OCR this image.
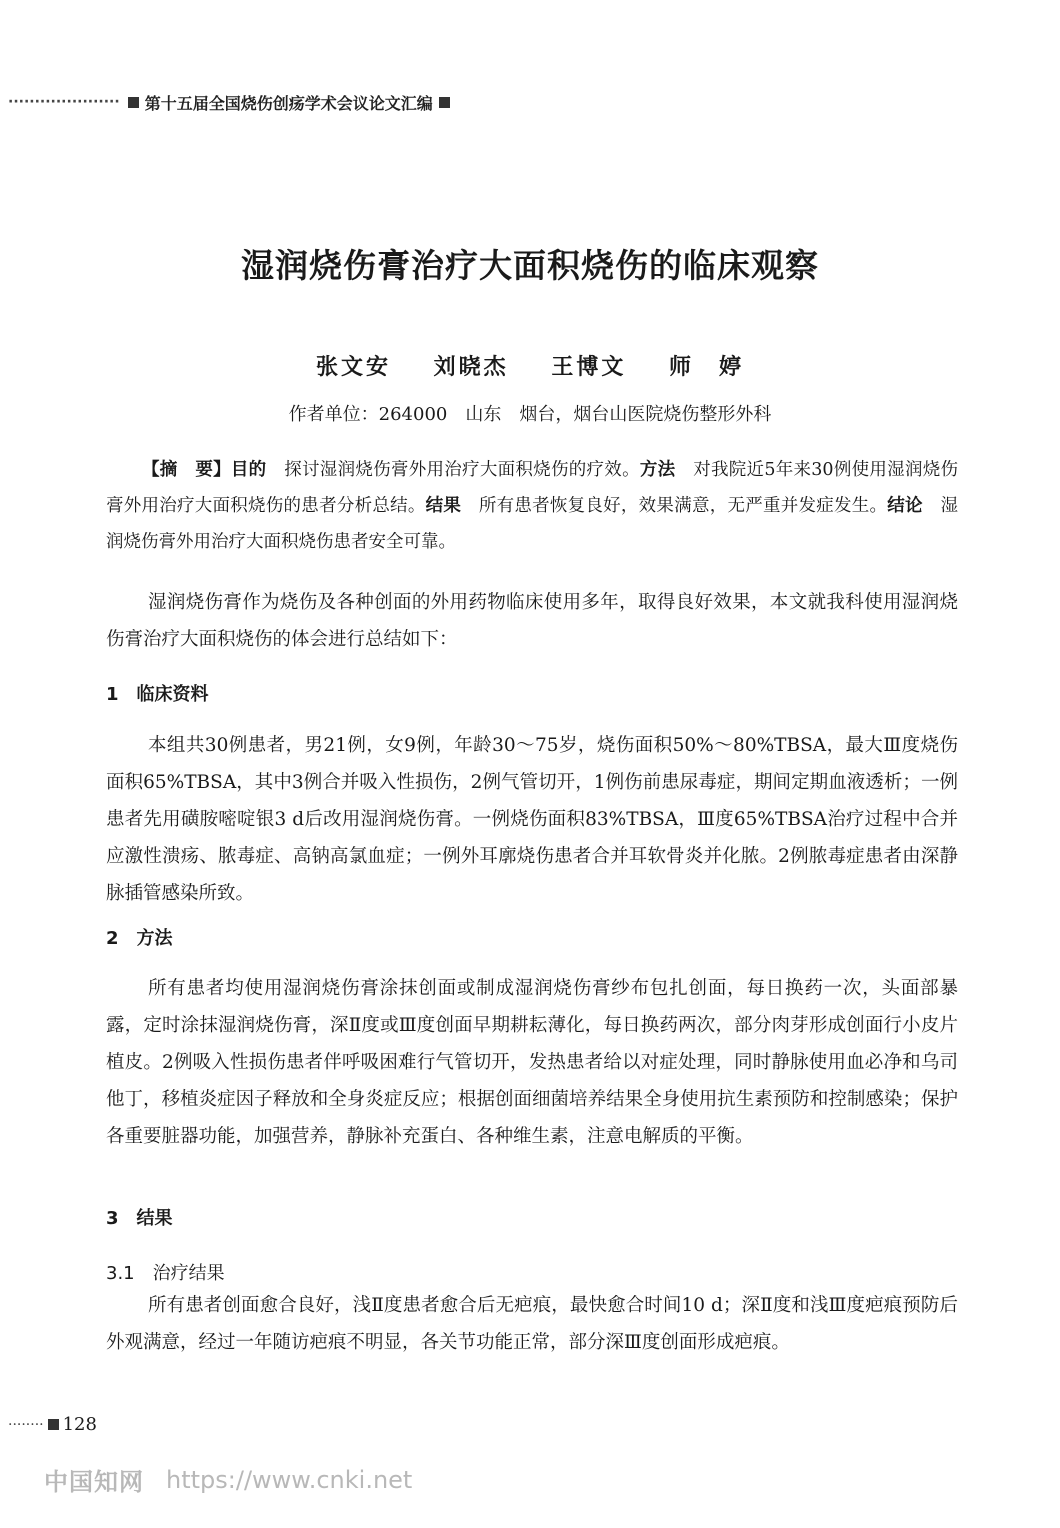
····················· 第十五届全国烧伤创疡学术会议论文汇编
湿润烧伤膏治疗大面积烧伤的临床观察
张文安 刘晓杰 王博文 师　婷
作者单位：264000　山东　烟台，烟台山医院烧伤整形外科
【摘　要】目的　探讨湿润烧伤膏外用治疗大面积烧伤的疗效。方法　对我院近5年来30例使用湿润烧伤膏外用治疗大面积烧伤的患者分析总结。结果　所有患者恢复良好，效果满意，无严重并发症发生。结论　湿润烧伤膏外用治疗大面积烧伤患者安全可靠。

湿润烧伤膏作为烧伤及各种创面的外用药物临床使用多年，取得良好效果，本文就我科使用湿润烧伤膏治疗大面积烧伤的体会进行总结如下：

1　临床资料

本组共30例患者，男21例，女9例，年龄30～75岁，烧伤面积50%～80%TBSA，最大Ⅲ度烧伤面积65%TBSA，其中3例合并吸入性损伤，2例气管切开，1例伤前患尿毒症，期间定期血液透析；一例患者先用磺胺嘧啶银3 d后改用湿润烧伤膏。一例烧伤面积83%TBSA，Ⅲ度65%TBSA治疗过程中合并应激性溃疡、脓毒症、高钠高氯血症；一例外耳廓烧伤患者合并耳软骨炎并化脓。2例脓毒症患者由深静脉插管感染所致。

2　方法

所有患者均使用湿润烧伤膏涂抹创面或制成湿润烧伤膏纱布包扎创面，每日换药一次，头面部暴露，定时涂抹湿润烧伤膏，深Ⅱ度或Ⅲ度创面早期耕耘薄化，每日换药两次，部分肉芽形成创面行小皮片植皮。2例吸入性损伤患者伴呼吸困难行气管切开，发热患者给以对症处理，同时静脉使用血必净和乌司他丁，移植炎症因子释放和全身炎症反应；根据创面细菌培养结果全身使用抗生素预防和控制感染；保护各重要脏器功能，加强营养，静脉补充蛋白、各种维生素，注意电解质的平衡。

3　结果

3.1　治疗结果

所有患者创面愈合良好，浅Ⅱ度患者愈合后无疤痕，最快愈合时间10 d；深Ⅱ度和浅Ⅲ度疤痕预防后外观满意，经过一年随访疤痕不明显，各关节功能正常，部分深Ⅲ度创面形成疤痕。

········ 128
中国知网 https://www.cnki.net
